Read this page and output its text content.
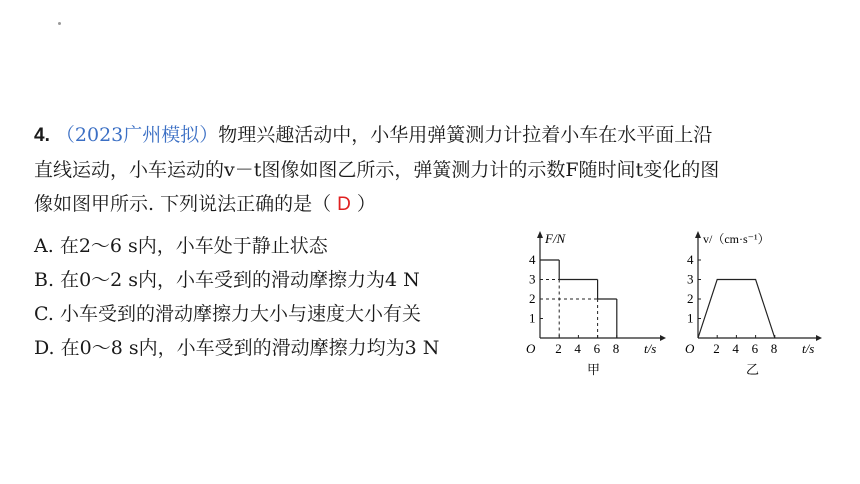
4. （2023广州模拟）物理兴趣活动中，小华用弹簧测力计拉着小车在水平面上沿
直线运动，小车运动的v－t图像如图乙所示，弹簧测力计的示数F随时间t变化的图
像如图甲所示. 下列说法正确的是（ D ）
A. 在2～6 s内，小车处于静止状态
B. 在0～2 s内，小车受到的滑动摩擦力为4 N
C. 小车受到的滑动摩擦力大小与速度大小有关
D. 在0～8 s内，小车受到的滑动摩擦力均为3 N
F/N
O	t/s
1
2
3
4
2 4 6 8
甲
v/（cm·s⁻¹）
O	t/s
1
2
3
4
2 4 6 8
乙
